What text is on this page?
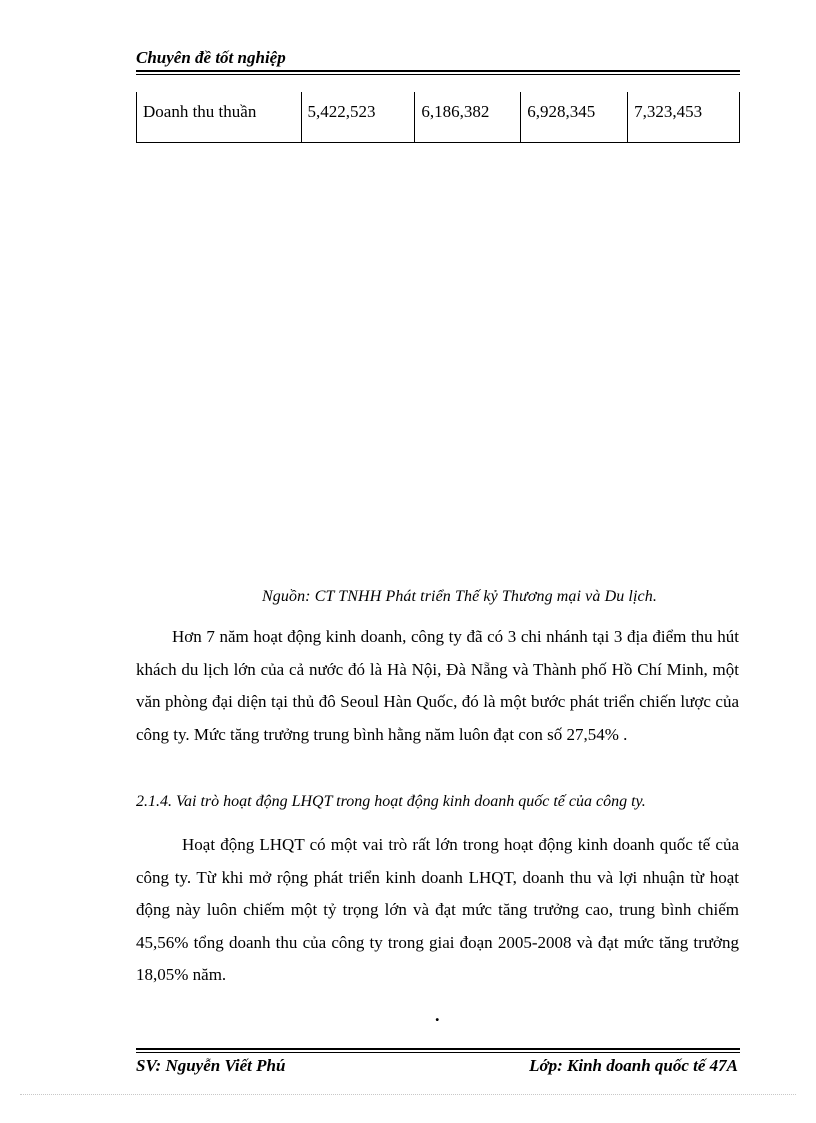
Chuyên đề tốt nghiệp
Doanh thu thuần	5,422,523	6,186,382	6,928,345	7,323,453
Nguồn: CT TNHH Phát triển Thế kỷ Thương mại và Du lịch.
Hơn 7 năm hoạt động kinh doanh, công ty đã có 3 chi nhánh tại 3 địa điểm thu hút khách du lịch lớn của cả nước đó là Hà Nội, Đà Nẵng và Thành phố Hồ Chí Minh, một văn phòng đại diện tại thủ đô Seoul Hàn Quốc, đó là một bước phát triển chiến lược của công ty. Mức tăng trưởng trung bình hằng năm luôn đạt con số 27,54% .
2.1.4. Vai trò hoạt động LHQT trong hoạt động kinh doanh quốc tế của công ty.
Hoạt động LHQT có một vai trò rất lớn trong hoạt động kinh doanh quốc tế của công ty. Từ khi mở rộng phát triển kinh doanh LHQT, doanh thu và lợi nhuận từ hoạt động này luôn chiếm một tỷ trọng lớn và đạt mức tăng trưởng cao, trung bình chiếm 45,56% tổng doanh thu của công ty trong giai đoạn 2005-2008 và đạt mức tăng trưởng 18,05% năm.
.
SV: Nguyễn Viết Phú	Lớp: Kinh doanh quốc tế 47A
